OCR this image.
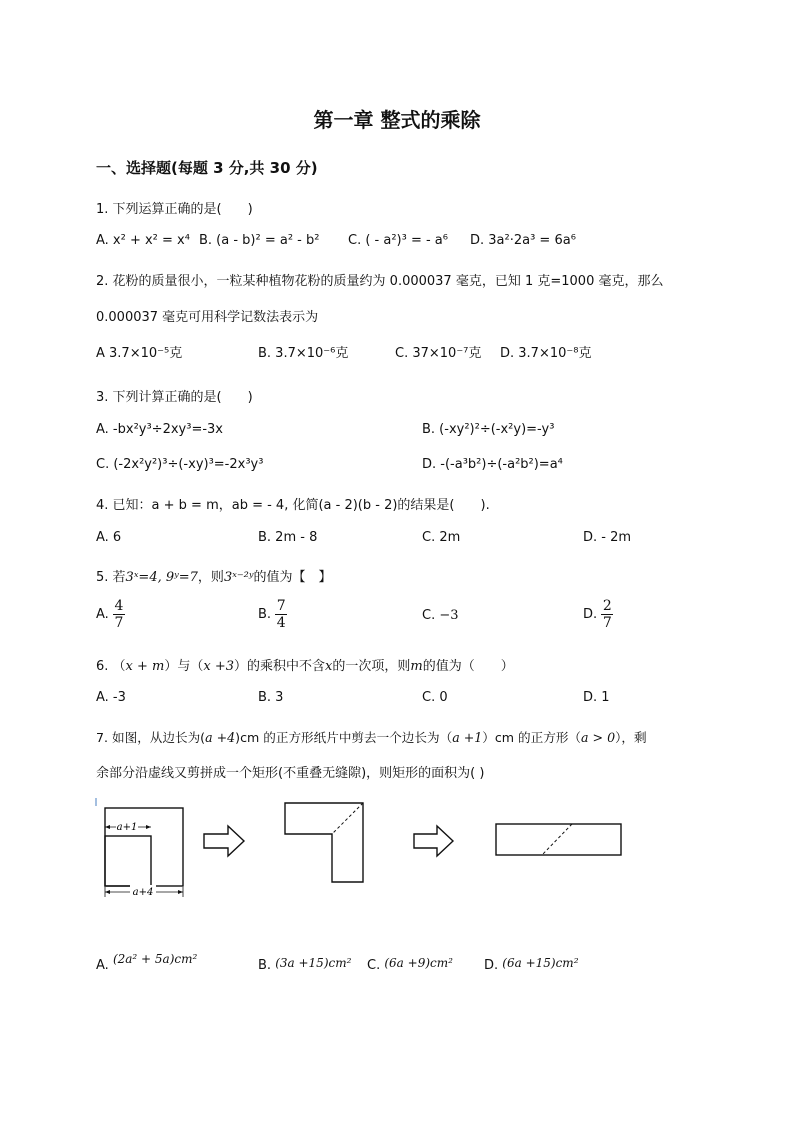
第一章 整式的乘除
一、选择题(每题 3 分,共 30 分)
1. 下列运算正确的是(　　)
A. x² + x² = x⁴ B. (a - b)² = a² - b² C. ( - a²)³ = - a⁶ D. 3a²·2a³ = 6a⁶
2. 花粉的质量很小，一粒某种植物花粉的质量约为 0.000037 毫克，已知 1 克=1000 毫克，那么
0.000037 毫克可用科学记数法表示为
A 3.7×10⁻⁵克	B. 3.7×10⁻⁶克	C. 37×10⁻⁷克 D. 3.7×10⁻⁸克
3. 下列计算正确的是(　　)
A. -bx²y³÷2xy³=-3x	B. (-xy²)²÷(-x²y)=-y³
C. (-2x²y²)³÷(-xy)³=-2x³y³	D. -(-a³b²)÷(-a²b²)=a⁴
4. 已知：a + b = m，ab = - 4, 化简(a - 2)(b - 2)的结果是(　　).
A. 6	B. 2m - 8	C. 2m	D. - 2m
5. 若3ˣ=4, 9ʸ=7，则3ˣ⁻²ʸ的值为【　】
A. $\frac{4}{7}$	B. $\frac{7}{4}$	C. −3	D. $\frac{2}{7}$
6. （x + m）与（x +3）的乘积中不含x的一次项，则m的值为（　　）
A. -3	B. 3	C. 0	D. 1
7. 如图，从边长为(a +4)cm 的正方形纸片中剪去一个边长为（a +1）cm 的正方形（a > 0），剩
余部分沿虚线又剪拼成一个矩形(不重叠无缝隙)，则矩形的面积为( )
a+1
a+4
A. (2a² + 5a)cm²	B. (3a +15)cm² C. (6a +9)cm² D. (6a +15)cm²
